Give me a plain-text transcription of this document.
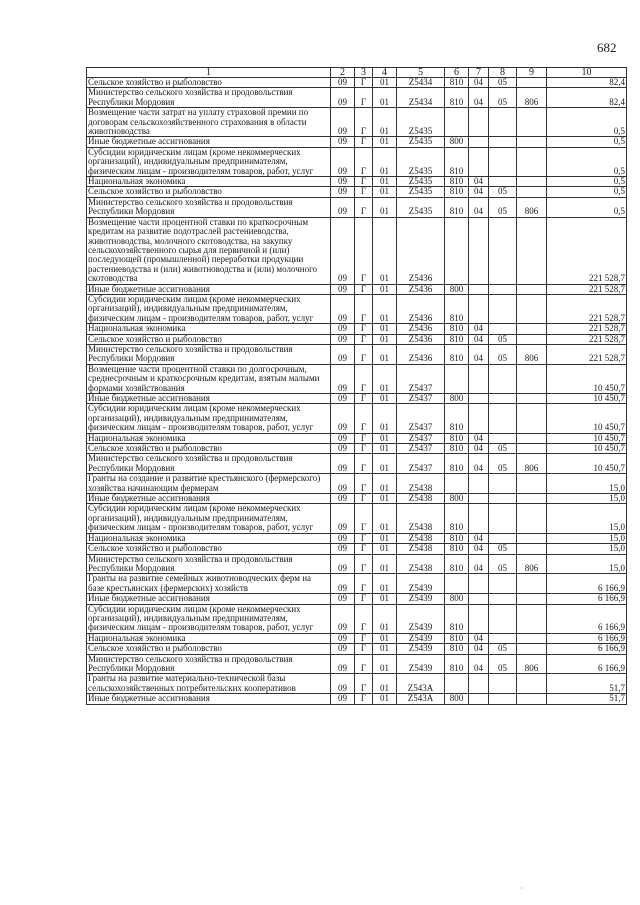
682
1	2	3	4	5	6	7	8	9	10
Сельское хозяйство и рыболовство	09	Г	01	Z5434	810	04	05		82,4
Министерство сельского хозяйства и продовольствия Республики Мордовия	09	Г	01	Z5434	810	04	05	806	82,4
Возмещение части затрат на уплату страховой премии по договорам сельскохозяйственного страхования в области животноводства	09	Г	01	Z5435					0,5
Иные бюджетные ассигнования	09	Г	01	Z5435	800				0,5
Субсидии юридическим лицам (кроме некоммерческих организаций), индивидуальным предпринимателям, физическим лицам - производителям товаров, работ, услуг	09	Г	01	Z5435	810				0,5
Национальная экономика	09	Г	01	Z5435	810	04			0,5
Сельское хозяйство и рыболовство	09	Г	01	Z5435	810	04	05		0,5
Министерство сельского хозяйства и продовольствия Республики Мордовия	09	Г	01	Z5435	810	04	05	806	0,5
Возмещение части процентной ставки по краткосрочным кредитам на развитие подотраслей растениеводства, животноводства, молочного скотоводства, на закупку сельскохозяйственного сырья для первичной и (или) последующей (промышленной) переработки продукции растениеводства и (или) животноводства и (или) молочного скотоводства	09	Г	01	Z5436					221 528,7
Иные бюджетные ассигнования	09	Г	01	Z5436	800				221 528,7
Субсидии юридическим лицам (кроме некоммерческих организаций), индивидуальным предпринимателям, физическим лицам - производителям товаров, работ, услуг	09	Г	01	Z5436	810				221 528,7
Национальная экономика	09	Г	01	Z5436	810	04			221 528,7
Сельское хозяйство и рыболовство	09	Г	01	Z5436	810	04	05		221 528,7
Министерство сельского хозяйства и продовольствия Республики Мордовия	09	Г	01	Z5436	810	04	05	806	221 528,7
Возмещение части процентной ставки по долгосрочным, среднесрочным и краткосрочным кредитам, взятым малыми формами хозяйствования	09	Г	01	Z5437					10 450,7
Иные бюджетные ассигнования	09	Г	01	Z5437	800				10 450,7
Субсидии юридическим лицам (кроме некоммерческих организаций), индивидуальным предпринимателям, физическим лицам - производителям товаров, работ, услуг	09	Г	01	Z5437	810				10 450,7
Национальная экономика	09	Г	01	Z5437	810	04			10 450,7
Сельское хозяйство и рыболовство	09	Г	01	Z5437	810	04	05		10 450,7
Министерство сельского хозяйства и продовольствия Республики Мордовия	09	Г	01	Z5437	810	04	05	806	10 450,7
Гранты на создание и развитие крестьянского (фермерского) хозяйства начинающим фермерам	09	Г	01	Z5438					15,0
Иные бюджетные ассигнования	09	Г	01	Z5438	800				15,0
Субсидии юридическим лицам (кроме некоммерческих организаций), индивидуальным предпринимателям, физическим лицам - производителям товаров, работ, услуг	09	Г	01	Z5438	810				15,0
Национальная экономика	09	Г	01	Z5438	810	04			15,0
Сельское хозяйство и рыболовство	09	Г	01	Z5438	810	04	05		15,0
Министерство сельского хозяйства и продовольствия Республики Мордовия	09	Г	01	Z5438	810	04	05	806	15,0
Гранты на развитие семейных животноводческих ферм на базе крестьянских (фермерских) хозяйств	09	Г	01	Z5439					6 166,9
Иные бюджетные ассигнования	09	Г	01	Z5439	800				6 166,9
Субсидии юридическим лицам (кроме некоммерческих организаций), индивидуальным предпринимателям, физическим лицам - производителям товаров, работ, услуг	09	Г	01	Z5439	810				6 166,9
Национальная экономика	09	Г	01	Z5439	810	04			6 166,9
Сельское хозяйство и рыболовство	09	Г	01	Z5439	810	04	05		6 166,9
Министерство сельского хозяйства и продовольствия Республики Мордовия	09	Г	01	Z5439	810	04	05	806	6 166,9
Гранты на развитие материально-технической базы сельскохозяйственных потребительских кооперативов	09	Г	01	Z543A					51,7
Иные бюджетные ассигнования	09	Г	01	Z543A	800				51,7
·
